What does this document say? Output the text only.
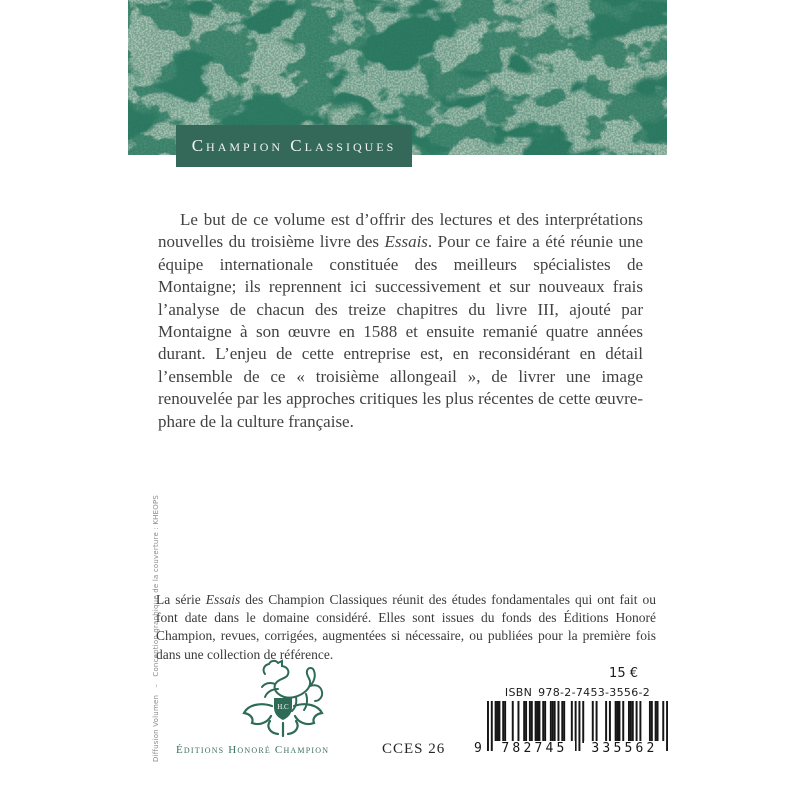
Champion Classiques

Le but de ce volume est d’offrir des lectures et des interprétations nouvelles du troisième livre des Essais. Pour ce faire a été réunie une équipe internationale constituée des meilleurs spécialistes de Montaigne; ils reprennent ici successivement et sur nouveaux frais l’analyse de chacun des treize chapitres du livre III, ajouté par Montaigne à son œuvre en 1588 et ensuite remanié quatre années durant. L’enjeu de cette entreprise est, en reconsidérant en détail l’ensemble de ce « troisième allongeail », de livrer une image renouvelée par les approches critiques les plus récentes de cette œuvre-phare de la culture française.

Diffusion Volumen   –   Conception graphique de la couverture : KHEOPS

La série Essais des Champion Classiques réunit des études fondamentales qui ont fait ou font date dans le domaine considéré. Elles sont issues du fonds des Éditions Honoré Champion, revues, corrigées, augmentées si nécessaire, ou publiées pour la première fois dans une collection de référence.

H.C
Éditions Honoré Champion	CCES 26
15 €
ISBN 978-2-7453-3556-2
9	782745	335562
